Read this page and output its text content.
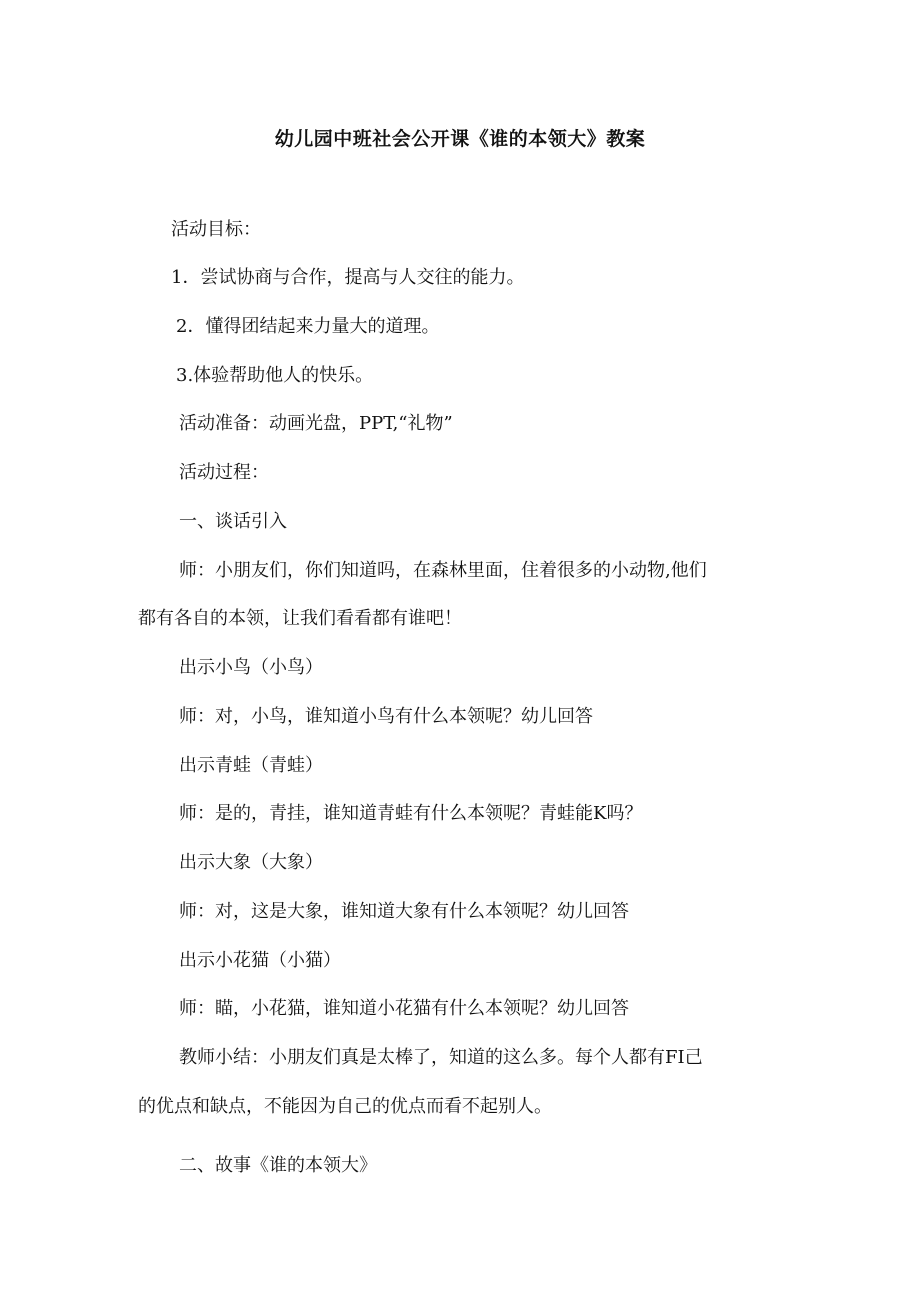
幼儿园中班社会公开课《谁的本领大》教案
活动目标：
1．尝试协商与合作，提高与人交往的能力。
2．懂得团结起来力量大的道理。
3.体验帮助他人的快乐。
活动准备：动画光盘，PPT,“礼物”
活动过程：
一、谈话引入
师：小朋友们，你们知道吗，在森林里面，住着很多的小动物,他们
都有各自的本领，让我们看看都有谁吧！
出示小鸟（小鸟）
师：对，小鸟，谁知道小鸟有什么本领呢？幼儿回答
出示青蛙（青蛙）
师：是的，青挂，谁知道青蛙有什么本领呢？青蛙能K吗？
出示大象（大象）
师：对，这是大象，谁知道大象有什么本领呢？幼儿回答
出示小花猫（小猫）
师：瞄，小花猫，谁知道小花猫有什么本领呢？幼儿回答
教师小结：小朋友们真是太棒了，知道的这么多。每个人都有FI己
的优点和缺点，不能因为自己的优点而看不起别人。
二、故事《谁的本领大》
